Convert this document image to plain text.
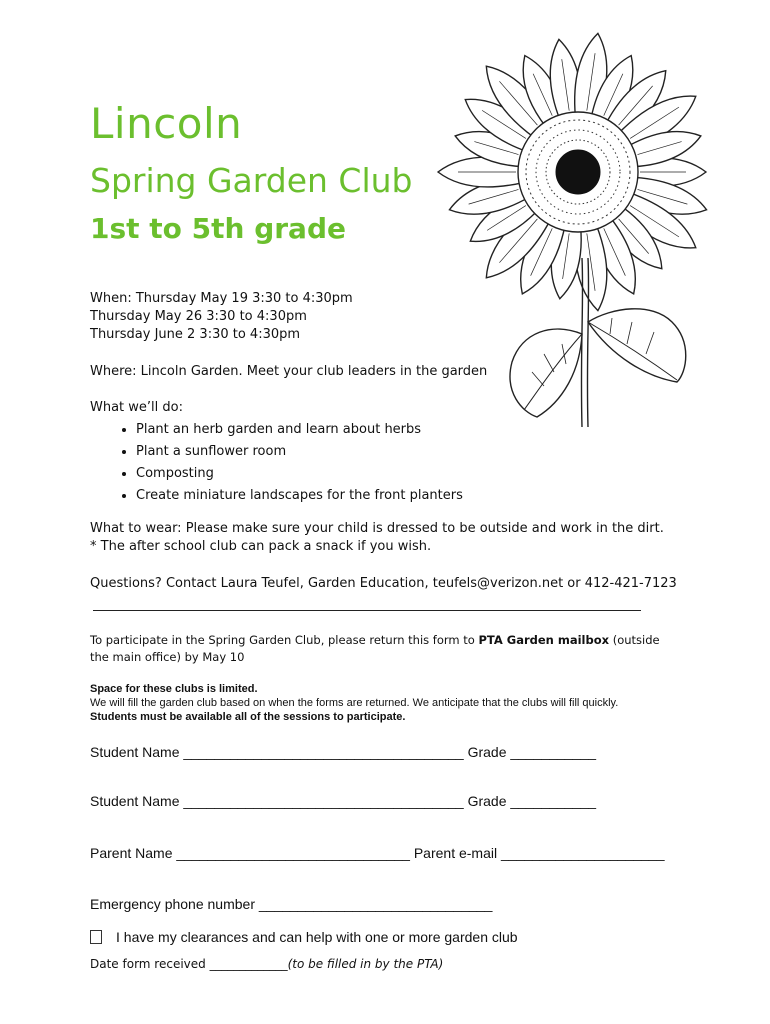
Lincoln
Spring Garden Club
1st to 5th grade
When: Thursday May 19 3:30 to 4:30pm
Thursday May 26 3:30 to 4:30pm
Thursday June 2 3:30 to 4:30pm
Where: Lincoln Garden. Meet your club leaders in the garden
What we’ll do:
• Plant an herb garden and learn about herbs
• Plant a sunflower room
• Composting
• Create miniature landscapes for the front planters
What to wear: Please make sure your child is dressed to be outside and work in the dirt.
* The after school club can pack a snack if you wish.
Questions? Contact Laura Teufel, Garden Education, teufels@verizon.net or 412-421-7123
To participate in the Spring Garden Club, please return this form to PTA Garden mailbox (outside the main office) by May 10
Space for these clubs is limited.
We will fill the garden club based on when the forms are returned. We anticipate that the clubs will fill quickly.
Students must be available all of the sessions to participate.
Student Name ____________________________________ Grade ___________
Student Name ____________________________________ Grade ___________
Parent Name ______________________________ Parent e-mail _____________________
Emergency phone number ______________________________
I have my clearances and can help with one or more garden club
Date form received _____________(to be filled in by the PTA)
